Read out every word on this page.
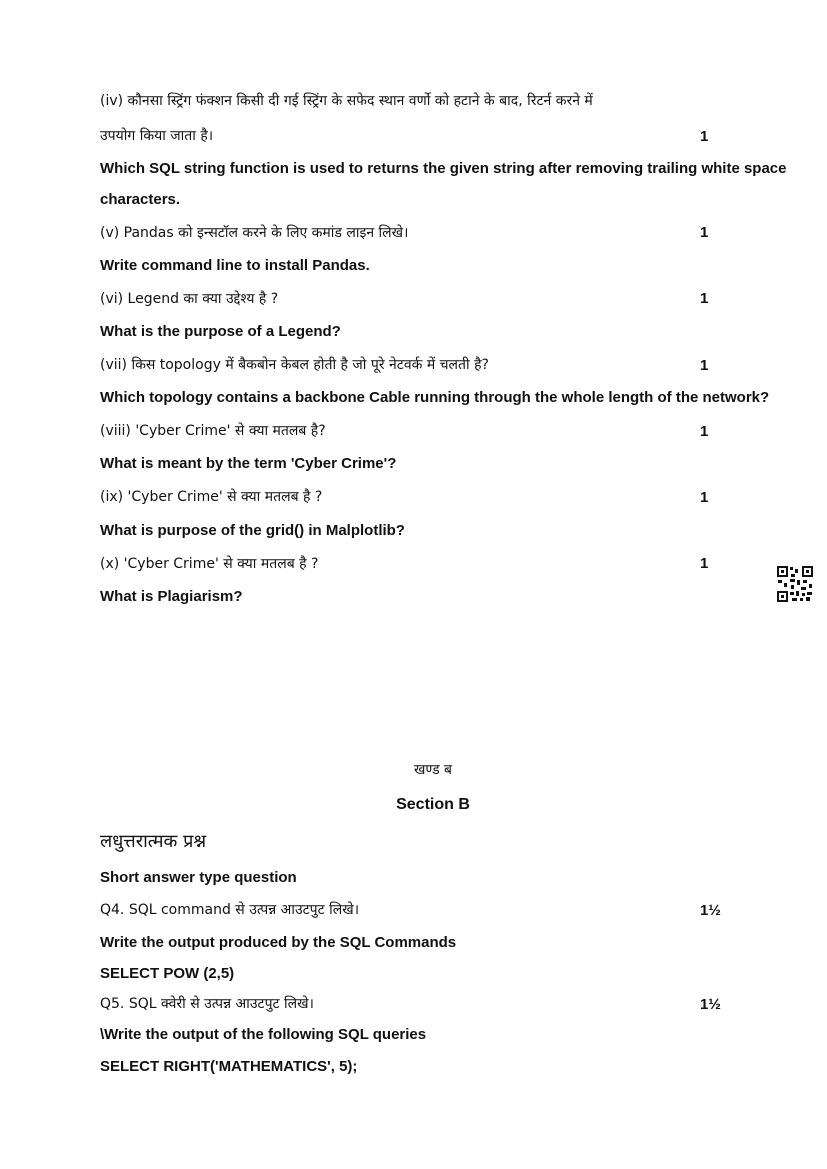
(iv) कौनसा स्ट्रिंग फंक्शन किसी दी गई स्ट्रिंग के सफेद स्थान वर्णो को हटाने के बाद, रिटर्न करने में
उपयोग किया जाता है।	1
Which SQL string function is used to returns the given string after removing trailing white space
characters.
(v) Pandas को इन्सटॉल करने के लिए कमांड लाइन लिखे।	1
Write command line to install Pandas.
(vi) Legend का क्या उद्देश्य है ?	1
What is the purpose of a Legend?
(vii) किस topology में बैकबोन केबल होती है जो पूरे नेटवर्क में चलती है?	1
Which topology contains a backbone Cable running through the whole length of the network?
(viii) 'Cyber Crime' से क्या मतलब है?	1
What is meant by the term 'Cyber Crime'?
(ix) 'Cyber Crime' से क्या मतलब है ?	1
What is purpose of the grid() in Malplotlib?
(x) 'Cyber Crime' से क्या मतलब है ?	1
What is Plagiarism?
खण्ड ब
Section B
लधुत्तरात्मक प्रश्न
Short answer type question
Q4. SQL command से उत्पन्न आउटपुट लिखे।	1½
Write the output produced by the SQL Commands
SELECT POW (2,5)
Q5. SQL क्वेरी से उत्पन्न आउटपुट लिखे।	1½
\Write the output of the following SQL queries
SELECT RIGHT('MATHEMATICS', 5);
